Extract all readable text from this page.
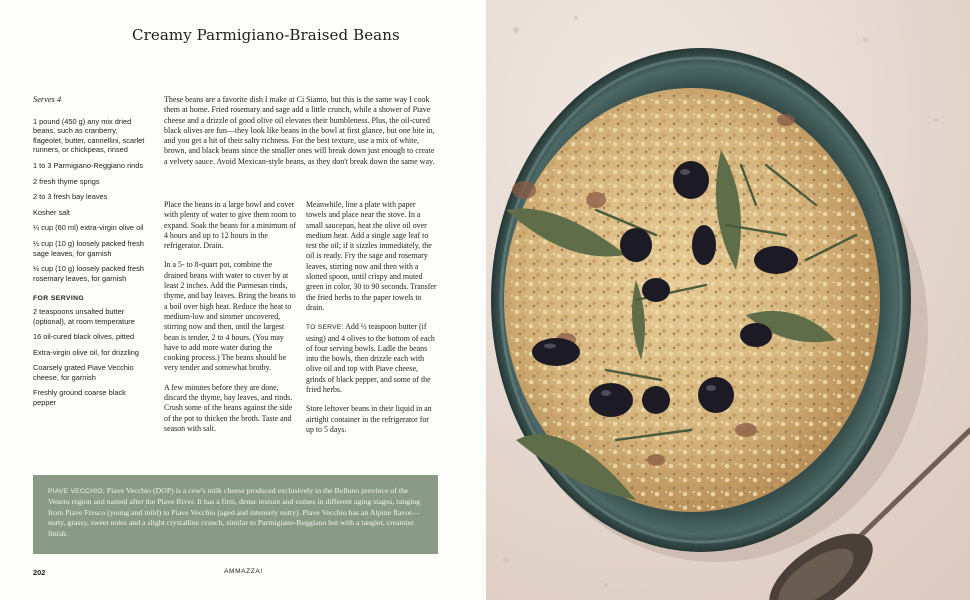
Creamy Parmigiano-Braised Beans
Serves 4
1 pound (450 g) any mix dried beans, such as cranberry, flageolet, butter, cannellini, scarlet runners, or chickpeas, rinsed
1 to 3 Parmigiano-Reggiano rinds
2 fresh thyme sprigs
2 to 3 fresh bay leaves
Kosher salt
¼ cup (60 ml) extra-virgin olive oil
½ cup (10 g) loosely packed fresh sage leaves, for garnish
½ cup (10 g) loosely packed fresh rosemary leaves, for garnish
FOR SERVING
2 teaspoons unsalted butter (optional), at room temperature
16 oil-cured black olives, pitted
Extra-virgin olive oil, for drizzling
Coarsely grated Piave Vecchio cheese, for garnish
Freshly ground coarse black pepper

These beans are a favorite dish I make at Ci Siamo, but this is the same way I cook them at home. Fried rosemary and sage add a little crunch, while a shower of Piave cheese and a drizzle of good olive oil elevates their humbleness. Plus, the oil-cured black olives are fun—they look like beans in the bowl at first glance, but one bite in, and you get a hit of their salty richness. For the best texture, use a mix of white, brown, and black beans since the smaller ones will break down just enough to create a velvety sauce. Avoid Mexican-style beans, as they don't break down the same way.

Place the beans in a large bowl and cover with plenty of water to give them room to expand. Soak the beans for a minimum of 4 hours and up to 12 hours in the refrigerator. Drain.

In a 5- to 8-quart pot, combine the drained beans with water to cover by at least 2 inches. Add the Parmesan rinds, thyme, and bay leaves. Bring the beans to a boil over high heat. Reduce the heat to medium-low and simmer uncovered, stirring now and then, until the largest bean is tender, 2 to 4 hours. (You may have to add more water during the cooking process.) The beans should be very tender and somewhat brothy.

A few minutes before they are done, discard the thyme, bay leaves, and rinds. Crush some of the beans against the side of the pot to thicken the broth. Taste and season with salt.

Meanwhile, line a plate with paper towels and place near the stove. In a small saucepan, heat the olive oil over medium heat. Add a single sage leaf to test the oil; if it sizzles immediately, the oil is ready. Fry the sage and rosemary leaves, stirring now and then with a slotted spoon, until crispy and muted green in color, 30 to 90 seconds. Transfer the fried herbs to the paper towels to drain.

TO SERVE: Add ½ teaspoon butter (if using) and 4 olives to the bottom of each of four serving bowls. Ladle the beans into the bowls, then drizzle each with olive oil and top with Piave cheese, grinds of black pepper, and some of the fried herbs.

Store leftover beans in their liquid in an airtight container in the refrigerator for up to 5 days.

PIAVE VECCHIO: Piave Vecchio (DOP) is a cow's milk cheese produced exclusively in the Belluno province of the Veneto region and named after the Piave River. It has a firm, dense texture and comes in different aging stages, ranging from Piave Fresco (young and mild) to Piave Vecchio (aged and intensely nutty). Piave Vecchio has an Alpine flavor—nutty, grassy, sweet notes and a slight crystalline crunch, similar to Parmigiano-Reggiano but with a tangier, creamier finish.
202	AMMAZZA!
